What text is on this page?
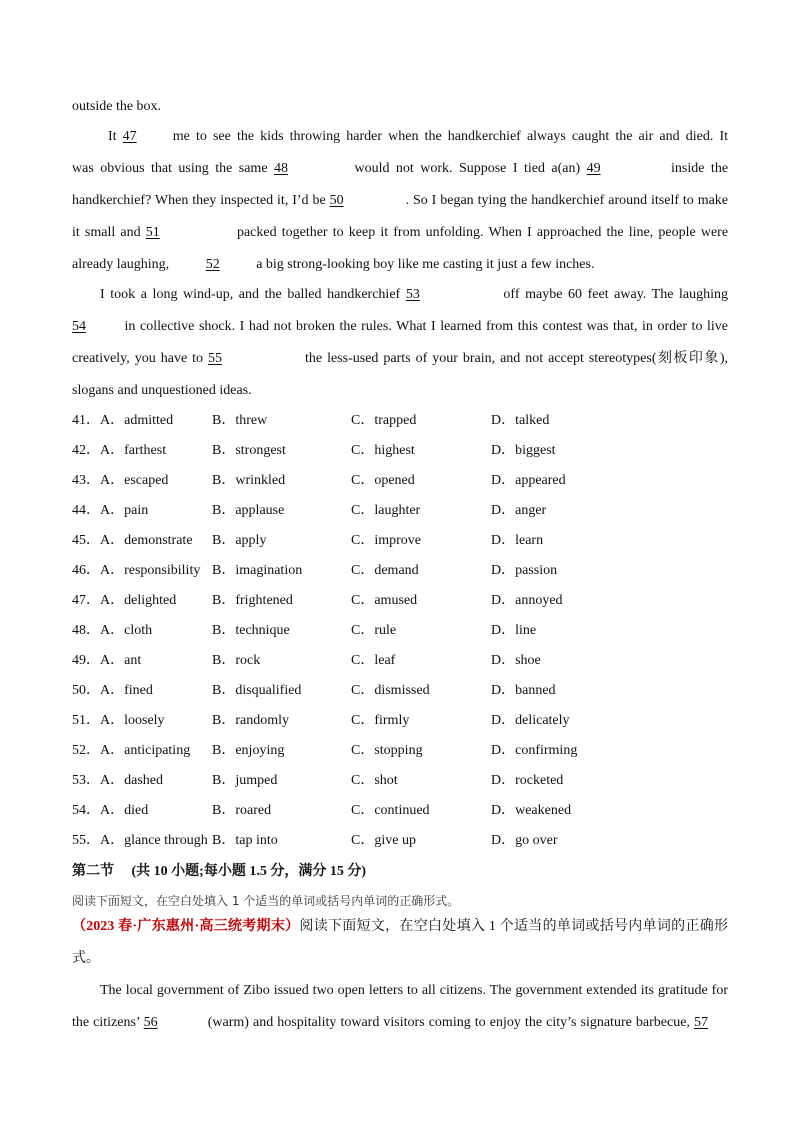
outside the box.
It 47	me to see the kids throwing harder when the handkerchief always caught the air and died. It
was obvious that using the same 48	would not work. Suppose I tied a(an) 49	inside the
handkerchief? When they inspected it, I’d be 50	. So I began tying the handkerchief around itself to make
it small and 51	packed together to keep it from unfolding. When I approached the line, people were
already laughing,	52	a big strong-looking boy like me casting it just a few inches.
I took a long wind-up, and the balled handkerchief 53	off maybe 60 feet away. The laughing
54	in collective shock. I had not broken the rules. What I learned from this contest was that, in order to live
creatively, you have to 55	the less-used parts of your brain, and not accept stereotypes(刻板印象),
slogans and unquestioned ideas.
41．A．admitted	B．threw	C．trapped	D．talked
42．A．farthest	B．strongest	C．highest	D．biggest
43．A．escaped	B．wrinkled	C．opened	D．appeared
44．A．pain	B．applause	C．laughter	D．anger
45．A．demonstrate B．apply	C．improve	D．learn
46．A．responsibility B．imagination	C．demand	D．passion
47．A．delighted	B．frightened	C．amused	D．annoyed
48．A．cloth	B．technique	C．rule	D．line
49．A．ant	B．rock	C．leaf	D．shoe
50．A．fined	B．disqualified	C．dismissed	D．banned
51．A．loosely	B．randomly	C．firmly	D．delicately
52．A．anticipating B．enjoying	C．stopping	D．confirming
53．A．dashed	B．jumped	C．shot	D．rocketed
54．A．died	B．roared	C．continued	D．weakened
55．A．glance through B．tap into	C．give up	D．go over
第二节　 (共 10 小题;每小题 1.5 分，满分 15 分)
阅读下面短文，在空白处填入 1 个适当的单词或括号内单词的正确形式。
（2023 春·广东惠州·高三统考期末）阅读下面短文，在空白处填入 1 个适当的单词或括号内单词的正确形
式。
The local government of Zibo issued two open letters to all citizens. The government extended its gratitude for
the citizens’ 56	(warm) and hospitality toward visitors coming to enjoy the city’s signature barbecue, 57
